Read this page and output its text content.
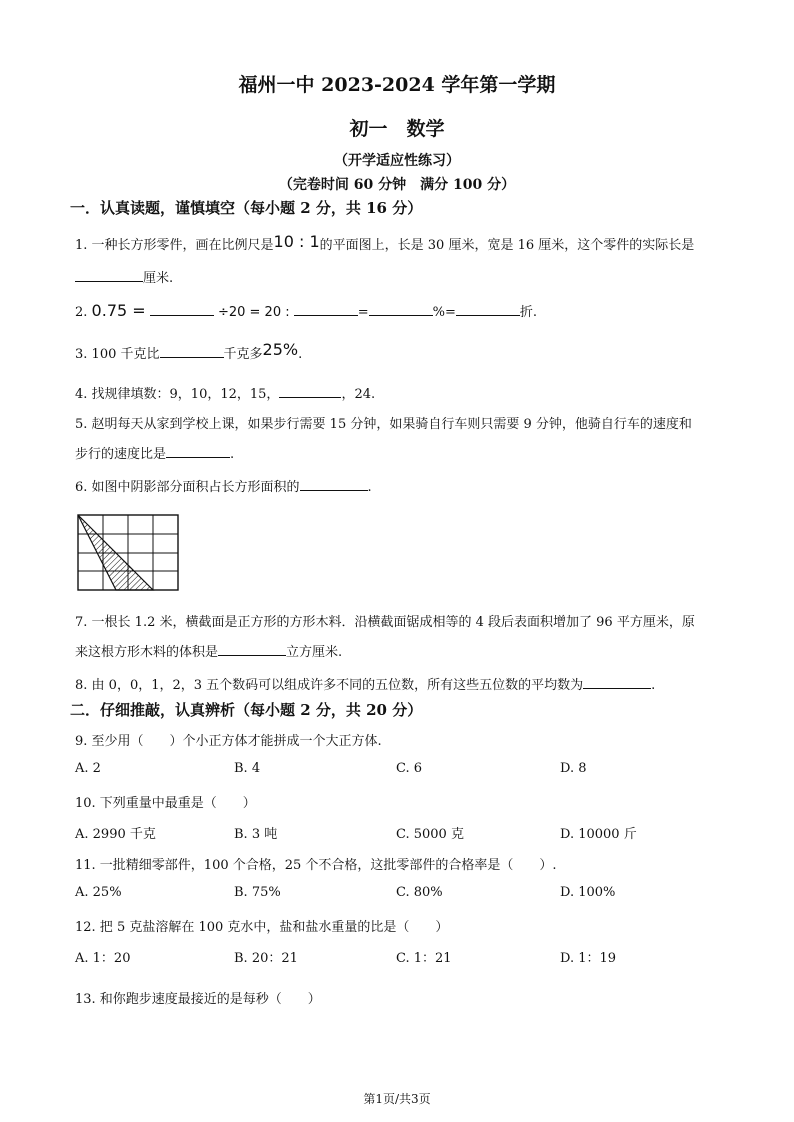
福州一中 2023-2024 学年第一学期
初一　数学
（开学适应性练习）
（完卷时间 60 分钟　满分 100 分）
一．认真读题，谨慎填空（每小题 2 分，共 16 分）
1. 一种长方形零件，画在比例尺是10 : 1的平面图上，长是 30 厘米，宽是 16 厘米，这个零件的实际长是
厘米.
2. 0.75 =	÷20 = 20 :	=	%=	折.
3. 100 千克比	千克多25%.
4. 找规律填数：9，10，12，15，	，24.
5. 赵明每天从家到学校上课，如果步行需要 15 分钟，如果骑自行车则只需要 9 分钟，他骑自行车的速度和
步行的速度比是	.
6. 如图中阴影部分面积占长方形面积的	.
7. 一根长 1.2 米，横截面是正方形的方形木料．沿横截面锯成相等的 4 段后表面积增加了 96 平方厘米，原
来这根方形木料的体积是	立方厘米.
8. 由 0，0，1，2，3 五个数码可以组成许多不同的五位数，所有这些五位数的平均数为	.
二．仔细推敲，认真辨析（每小题 2 分，共 20 分）
9. 至少用（　　）个小正方体才能拼成一个大正方体.
A. 2	B. 4	C. 6	D. 8
10. 下列重量中最重是（　　）
A. 2990 千克	B. 3 吨	C. 5000 克	D. 10000 斤
11. 一批精细零部件，100 个合格，25 个不合格，这批零部件的合格率是（　　）.
A. 25%	B. 75%	C. 80%	D. 100%
12. 把 5 克盐溶解在 100 克水中，盐和盐水重量的比是（　　）
A. 1：20	B. 20：21	C. 1：21	D. 1：19
13. 和你跑步速度最接近的是每秒（　　）
第1页/共3页
